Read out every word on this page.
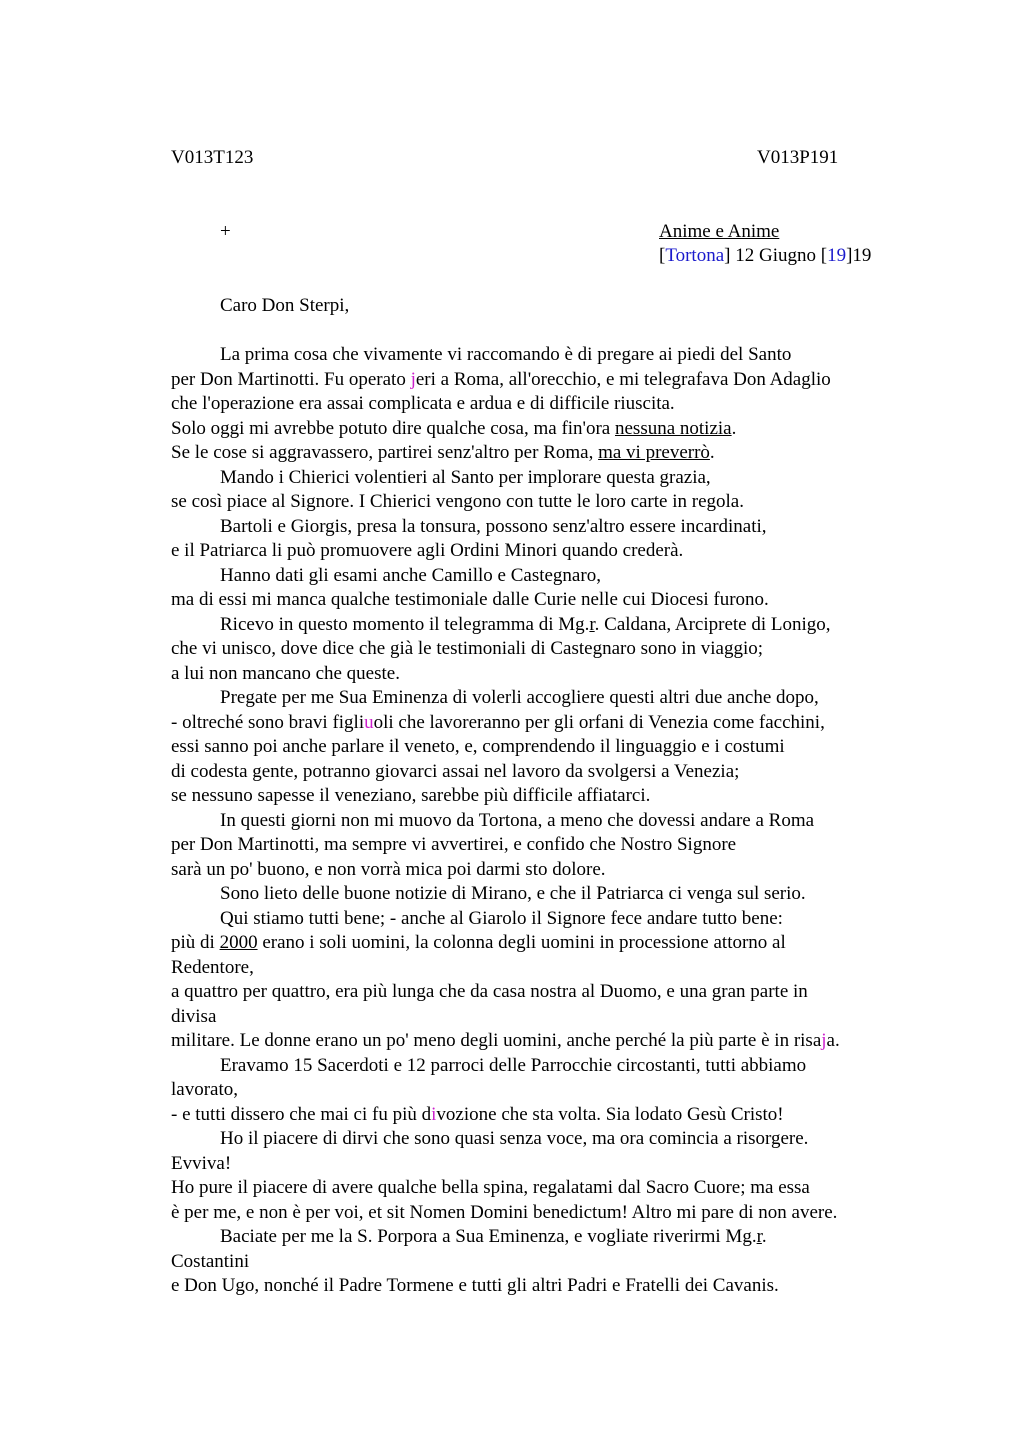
V013T123	V013P191
+	Anime e Anime
[Tortona] 12 Giugno [19]19
Caro Don Sterpi,
La prima cosa che vivamente vi raccomando è di pregare ai piedi del Santo
per Don Martinotti. Fu operato jeri a Roma, all'orecchio, e mi telegrafava Don Adaglio
che l'operazione era assai complicata e ardua e di difficile riuscita.
Solo oggi mi avrebbe potuto dire qualche cosa, ma fin'ora nessuna notizia.
Se le cose si aggravassero, partirei senz'altro per Roma, ma vi preverrò.
Mando i Chierici volentieri al Santo per implorare questa grazia,
se così piace al Signore. I Chierici vengono con tutte le loro carte in regola.
Bartoli e Giorgis, presa la tonsura, possono senz'altro essere incardinati,
e il Patriarca li può promuovere agli Ordini Minori quando crederà.
Hanno dati gli esami anche Camillo e Castegnaro,
ma di essi mi manca qualche testimoniale dalle Curie nelle cui Diocesi furono.
Ricevo in questo momento il telegramma di Mg.r. Caldana, Arciprete di Lonigo,
che vi unisco, dove dice che già le testimoniali di Castegnaro sono in viaggio;
a lui non mancano che queste.
Pregate per me Sua Eminenza di volerli accogliere questi altri due anche dopo,
- oltreché sono bravi figliuoli che lavoreranno per gli orfani di Venezia come facchini,
essi sanno poi anche parlare il veneto, e, comprendendo il linguaggio e i costumi
di codesta gente, potranno giovarci assai nel lavoro da svolgersi a Venezia;
se nessuno sapesse il veneziano, sarebbe più difficile affiatarci.
In questi giorni non mi muovo da Tortona, a meno che dovessi andare a Roma
per Don Martinotti, ma sempre vi avvertirei, e confido che Nostro Signore
sarà un po' buono, e non vorrà mica poi darmi sto dolore.
Sono lieto delle buone notizie di Mirano, e che il Patriarca ci venga sul serio.
Qui stiamo tutti bene; - anche al Giarolo il Signore fece andare tutto bene:
più di 2000 erano i soli uomini, la colonna degli uomini in processione attorno al
Redentore,
a quattro per quattro, era più lunga che da casa nostra al Duomo, e una gran parte in
divisa
militare. Le donne erano un po' meno degli uomini, anche perché la più parte è in risaja.
Eravamo 15 Sacerdoti e 12 parroci delle Parrocchie circostanti, tutti abbiamo
lavorato,
- e tutti dissero che mai ci fu più divozione che sta volta. Sia lodato Gesù Cristo!
Ho il piacere di dirvi che sono quasi senza voce, ma ora comincia a risorgere.
Evviva!
Ho pure il piacere di avere qualche bella spina, regalatami dal Sacro Cuore; ma essa
è per me, e non è per voi, et sit Nomen Domini benedictum! Altro mi pare di non avere.
Baciate per me la S. Porpora a Sua Eminenza, e vogliate riverirmi Mg.r.
Costantini
e Don Ugo, nonché il Padre Tormene e tutti gli altri Padri e Fratelli dei Cavanis.
